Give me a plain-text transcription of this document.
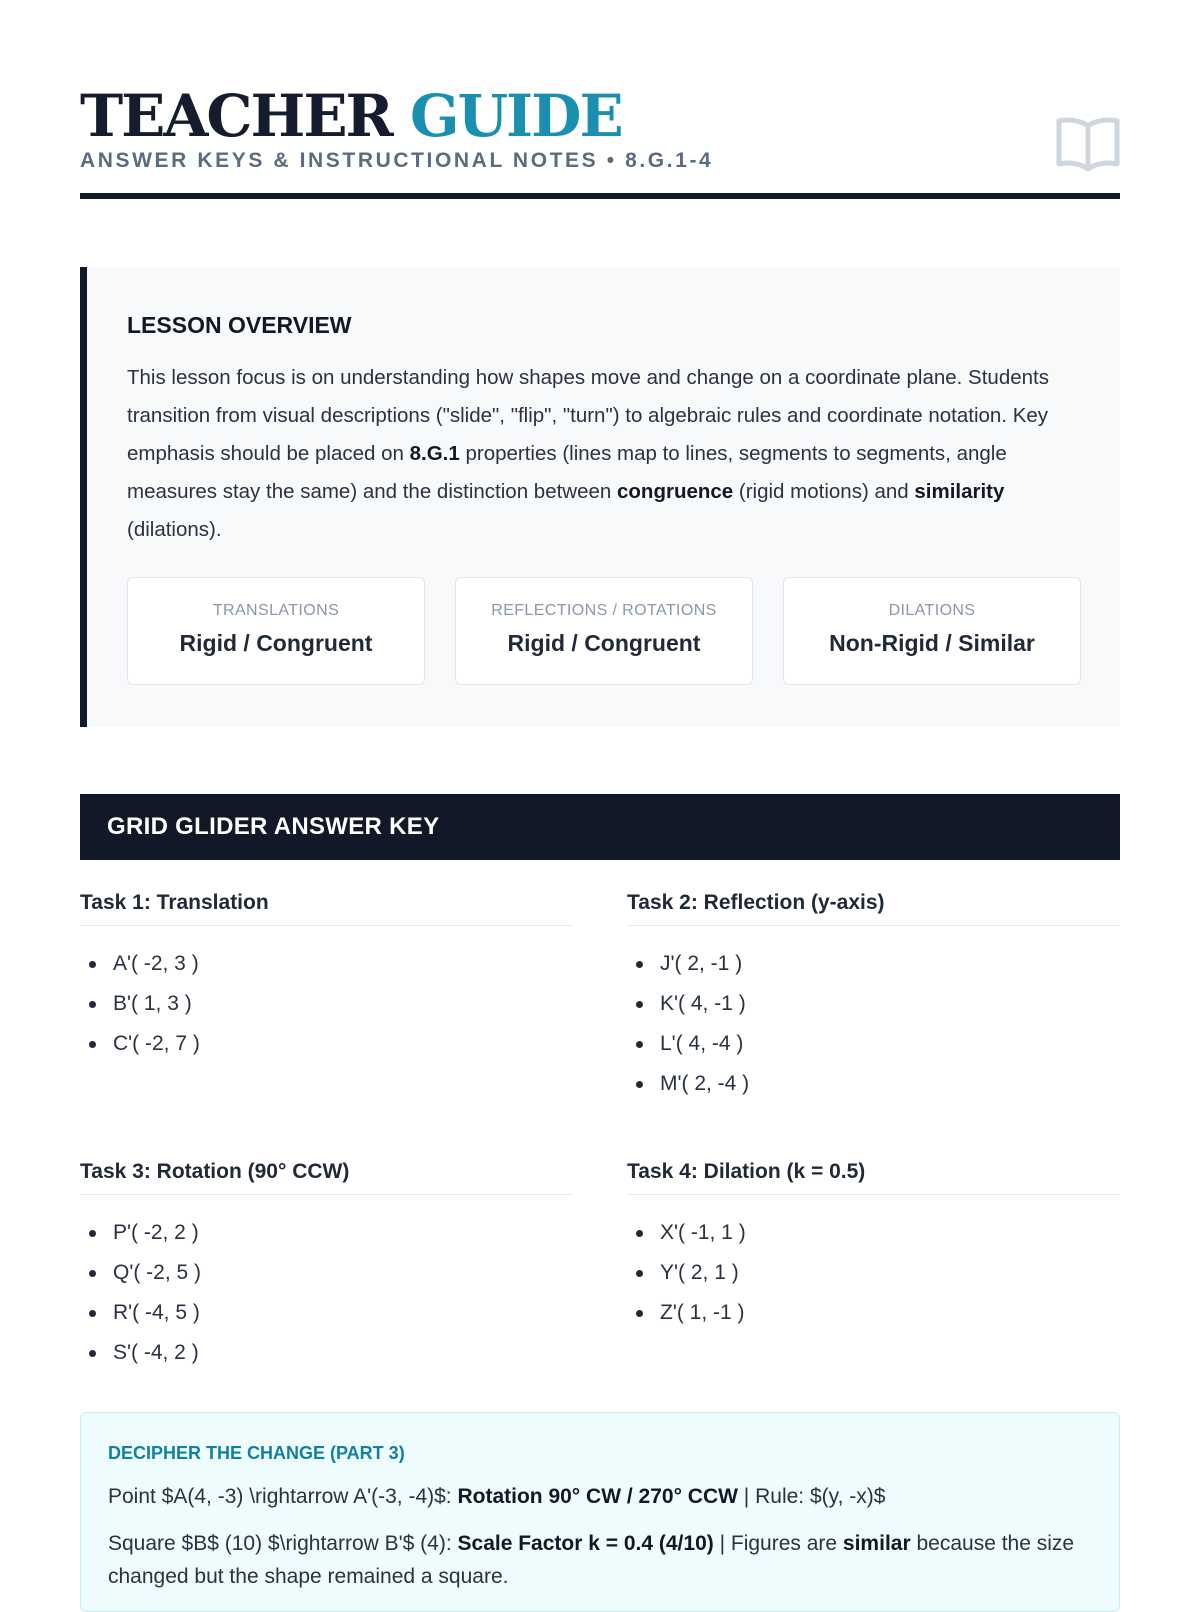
TEACHER GUIDE
ANSWER KEYS & INSTRUCTIONAL NOTES • 8.G.1-4
LESSON OVERVIEW

This lesson focus is on understanding how shapes move and change on a coordinate plane. Students transition from visual descriptions ("slide", "flip", "turn") to algebraic rules and coordinate notation. Key emphasis should be placed on 8.G.1 properties (lines map to lines, segments to segments, angle measures stay the same) and the distinction between congruence (rigid motions) and similarity (dilations).

TRANSLATIONS
Rigid / Congruent
REFLECTIONS / ROTATIONS
Rigid / Congruent
DILATIONS
Non-Rigid / Similar
GRID GLIDER ANSWER KEY
Task 1: Translation
A'( -2, 3 )
B'( 1, 3 )
C'( -2, 7 )
Task 2: Reflection (y-axis)
J'( 2, -1 )
K'( 4, -1 )
L'( 4, -4 )
M'( 2, -4 )
Task 3: Rotation (90° CCW)
P'( -2, 2 )
Q'( -2, 5 )
R'( -4, 5 )
S'( -4, 2 )
Task 4: Dilation (k = 0.5)
X'( -1, 1 )
Y'( 2, 1 )
Z'( 1, -1 )
DECIPHER THE CHANGE (PART 3)

Point $A(4, -3) \rightarrow A'(-3, -4)$: Rotation 90° CW / 270° CCW | Rule: $(y, -x)$

Square $B$ (10) $\rightarrow B'$ (4): Scale Factor k = 0.4 (4/10) | Figures are similar because the size changed but the shape remained a square.
